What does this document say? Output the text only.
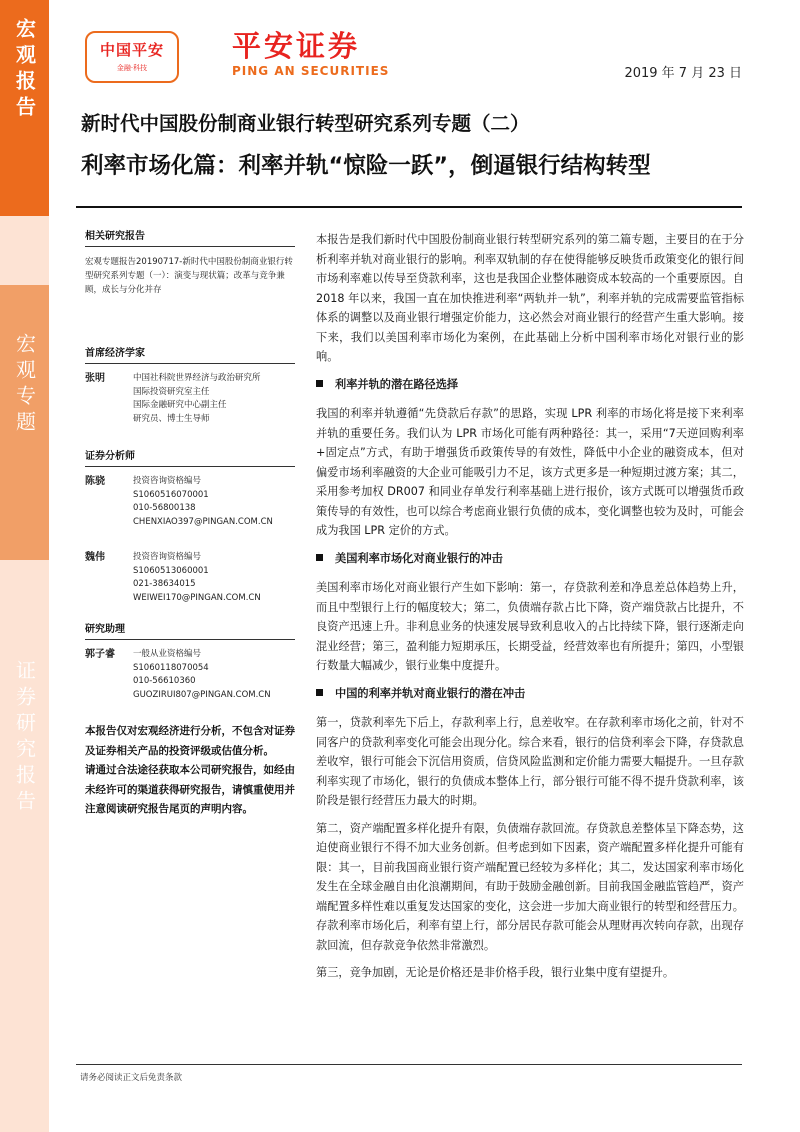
宏观报告
宏观专题
证券研究报告
中国平安
金融·科技
平安证券
PING AN SECURITIES	2019 年 7 月 23 日
新时代中国股份制商业银行转型研究系列专题（二）
利率市场化篇：利率并轨“惊险一跃”，倒逼银行结构转型
相关研究报告
宏观专题报告20190717-新时代中国股份制商业银行转型研究系列专题（一）：演变与现状篇；改革与竞争兼顾，成长与分化并存
首席经济学家
张明	中国社科院世界经济与政治研究所
国际投资研究室主任
国际金融研究中心副主任
研究员、博士生导师
证券分析师
陈骁	投资咨询资格编号
S1060516070001
010-56800138
CHENXIAO397@PINGAN.COM.CN
魏伟	投资咨询资格编号
S1060513060001
021-38634015
WEIWEI170@PINGAN.COM.CN
研究助理
郭子睿	一般从业资格编号
S1060118070054
010-56610360
GUOZIRUI807@PINGAN.COM.CN
本报告仅对宏观经济进行分析，不包含对证券及证券相关产品的投资评级或估值分析。
请通过合法途径获取本公司研究报告，如经由未经许可的渠道获得研究报告，请慎重使用并注意阅读研究报告尾页的声明内容。

本报告是我们新时代中国股份制商业银行转型研究系列的第二篇专题，主要目的在于分析利率并轨对商业银行的影响。利率双轨制的存在使得能够反映货币政策变化的银行间市场利率难以传导至贷款利率，这也是我国企业整体融资成本较高的一个重要原因。自 2018 年以来，我国一直在加快推进利率“两轨并一轨”，利率并轨的完成需要监管指标体系的调整以及商业银行增强定价能力，这必然会对商业银行的经营产生重大影响。接下来，我们以美国利率市场化为案例，在此基础上分析中国利率市场化对银行业的影响。

利率并轨的潜在路径选择

我国的利率并轨遵循“先贷款后存款”的思路，实现 LPR 利率的市场化将是接下来利率并轨的重要任务。我们认为 LPR 市场化可能有两种路径：其一，采用“7天逆回购利率+固定点”方式，有助于增强货币政策传导的有效性，降低中小企业的融资成本，但对偏爱市场利率融资的大企业可能吸引力不足，该方式更多是一种短期过渡方案；其二，采用参考加权 DR007 和同业存单发行利率基础上进行报价，该方式既可以增强货币政策传导的有效性，也可以综合考虑商业银行负债的成本，变化调整也较为及时，可能会成为我国 LPR 定价的方式。

美国利率市场化对商业银行的冲击

美国利率市场化对商业银行产生如下影响：第一，存贷款利差和净息差总体趋势上升，而且中型银行上行的幅度较大；第二，负债端存款占比下降，资产端贷款占比提升，不良资产迅速上升。非利息业务的快速发展导致利息收入的占比持续下降，银行逐渐走向混业经营；第三，盈利能力短期承压，长期受益，经营效率也有所提升；第四，小型银行数量大幅减少，银行业集中度提升。

中国的利率并轨对商业银行的潜在冲击

第一，贷款利率先下后上，存款利率上行，息差收窄。在存款利率市场化之前，针对不同客户的贷款利率变化可能会出现分化。综合来看，银行的信贷利率会下降，存贷款息差收窄，银行可能会下沉信用资质，信贷风险监测和定价能力需要大幅提升。一旦存款利率实现了市场化，银行的负债成本整体上行，部分银行可能不得不提升贷款利率，该阶段是银行经营压力最大的时期。

第二，资产端配置多样化提升有限，负债端存款回流。存贷款息差整体呈下降态势，这迫使商业银行不得不加大业务创新。但考虑到如下因素，资产端配置多样化提升可能有限：其一，目前我国商业银行资产端配置已经较为多样化；其二，发达国家利率市场化发生在全球金融自由化浪潮期间，有助于鼓励金融创新。目前我国金融监管趋严，资产端配置多样性难以重复发达国家的变化，这会进一步加大商业银行的转型和经营压力。存款利率市场化后，利率有望上行，部分居民存款可能会从理财再次转向存款，出现存款回流，但存款竞争依然非常激烈。

第三，竞争加剧，无论是价格还是非价格手段，银行业集中度有望提升。

请务必阅读正文后免责条款
